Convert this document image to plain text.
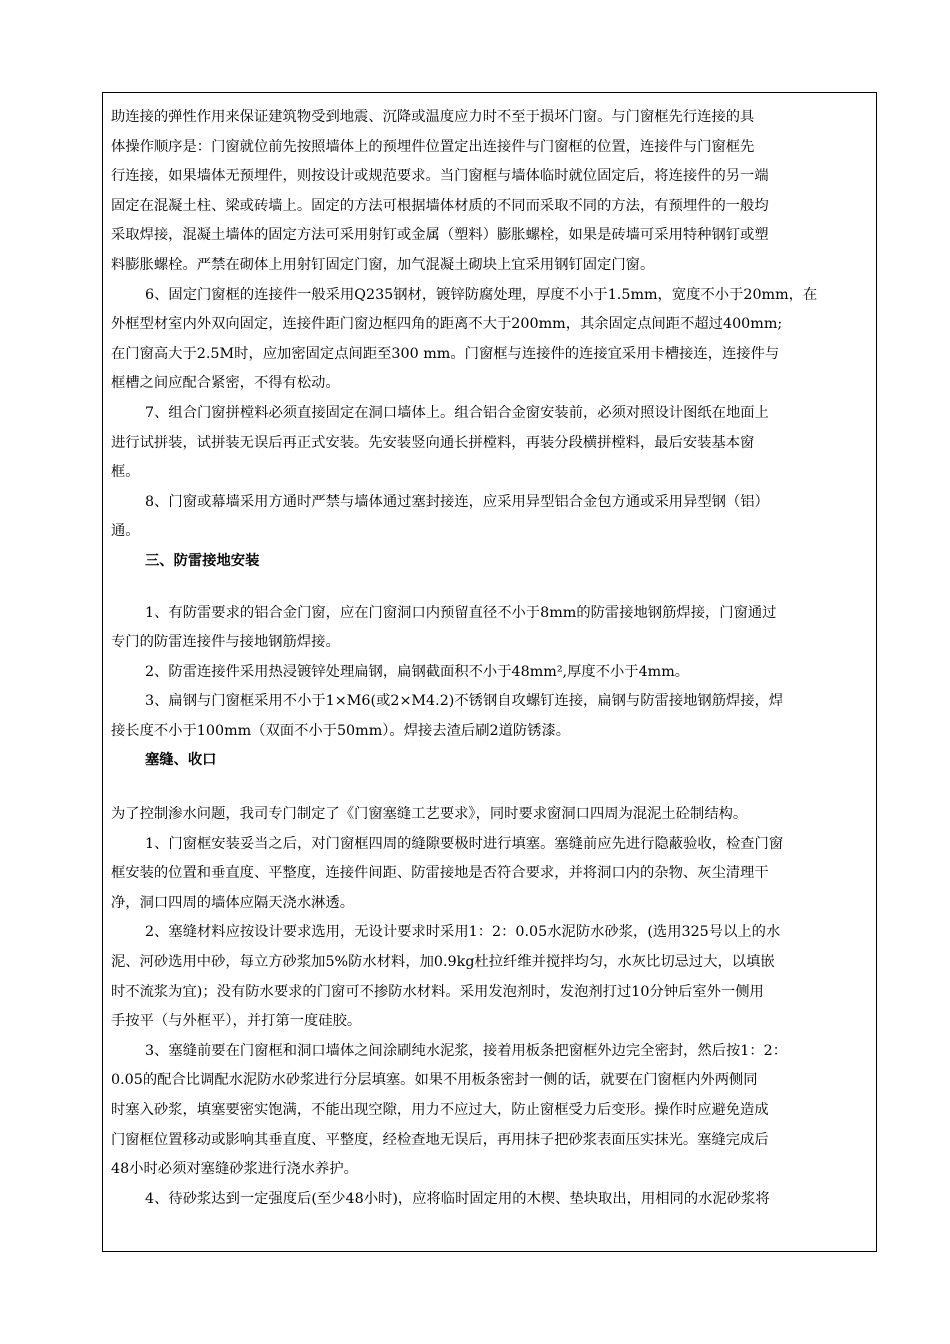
助连接的弹性作用来保证建筑物受到地震、沉降或温度应力时不至于损坏门窗。与门窗框先行连接的具
体操作顺序是：门窗就位前先按照墙体上的预埋件位置定出连接件与门窗框的位置，连接件与门窗框先
行连接，如果墙体无预埋件，则按设计或规范要求。当门窗框与墙体临时就位固定后，将连接件的另一端
固定在混凝土柱、梁或砖墙上。固定的方法可根据墙体材质的不同而采取不同的方法，有预埋件的一般均
采取焊接，混凝土墙体的固定方法可采用射钉或金属（塑料）膨胀螺栓，如果是砖墙可采用特种钢钉或塑
料膨胀螺栓。严禁在砌体上用射钉固定门窗，加气混凝土砌块上宜采用钢钉固定门窗。
6、固定门窗框的连接件一般采用Q235钢材，镀锌防腐处理，厚度不小于1.5mm，宽度不小于20mm，在
外框型材室内外双向固定，连接件距门窗边框四角的距离不大于200mm，其余固定点间距不超过400mm;
在门窗高大于2.5M时，应加密固定点间距至300 mm。门窗框与连接件的连接宜采用卡槽接连，连接件与
框槽之间应配合紧密，不得有松动。
7、组合门窗拼樘料必须直接固定在洞口墙体上。组合铝合金窗安装前，必须对照设计图纸在地面上
进行试拼装，试拼装无误后再正式安装。先安装竖向通长拼樘料，再装分段横拼樘料，最后安装基本窗
框。
8、门窗或幕墙采用方通时严禁与墙体通过塞封接连，应采用异型铝合金包方通或采用异型钢（铝）
通。
三、防雷接地安装
1、有防雷要求的铝合金门窗，应在门窗洞口内预留直径不小于8mm的防雷接地钢筋焊接，门窗通过
专门的防雷连接件与接地钢筋焊接。
2、防雷连接件采用热浸镀锌处理扁钢，扁钢截面积不小于48mm²,厚度不小于4mm。
3、扁钢与门窗框采用不小于1×M6(或2×M4.2)不锈钢自攻螺钉连接，扁钢与防雷接地钢筋焊接，焊
接长度不小于100mm（双面不小于50mm）。焊接去渣后刷2道防锈漆。
塞缝、收口
为了控制渗水问题，我司专门制定了《门窗塞缝工艺要求》，同时要求窗洞口四周为混泥土砼制结构。
1、门窗框安装妥当之后，对门窗框四周的缝隙要极时进行填塞。塞缝前应先进行隐蔽验收，检查门窗
框安装的位置和垂直度、平整度，连接件间距、防雷接地是否符合要求，并将洞口内的杂物、灰尘清理干
净，洞口四周的墙体应隔天浇水淋透。
2、塞缝材料应按设计要求选用，无设计要求时采用1：2：0.05水泥防水砂浆，(选用325号以上的水
泥、河砂选用中砂，每立方砂浆加5%防水材料，加0.9kg杜拉纤维并搅拌均匀，水灰比切忌过大，以填嵌
时不流浆为宜)；没有防水要求的门窗可不掺防水材料。采用发泡剂时，发泡剂打过10分钟后室外一侧用
手按平（与外框平），并打第一度硅胶。
3、塞缝前要在门窗框和洞口墙体之间涂刷纯水泥浆，接着用板条把窗框外边完全密封，然后按1：2：
0.05的配合比调配水泥防水砂浆进行分层填塞。如果不用板条密封一侧的话，就要在门窗框内外两侧同
时塞入砂浆，填塞要密实饱满，不能出现空隙，用力不应过大，防止窗框受力后变形。操作时应避免造成
门窗框位置移动或影响其垂直度、平整度，经检查地无误后，再用抹子把砂浆表面压实抹光。塞缝完成后
48小时必须对塞缝砂浆进行浇水养护。
4、待砂浆达到一定强度后(至少48小时)，应将临时固定用的木楔、垫块取出，用相同的水泥砂浆将
